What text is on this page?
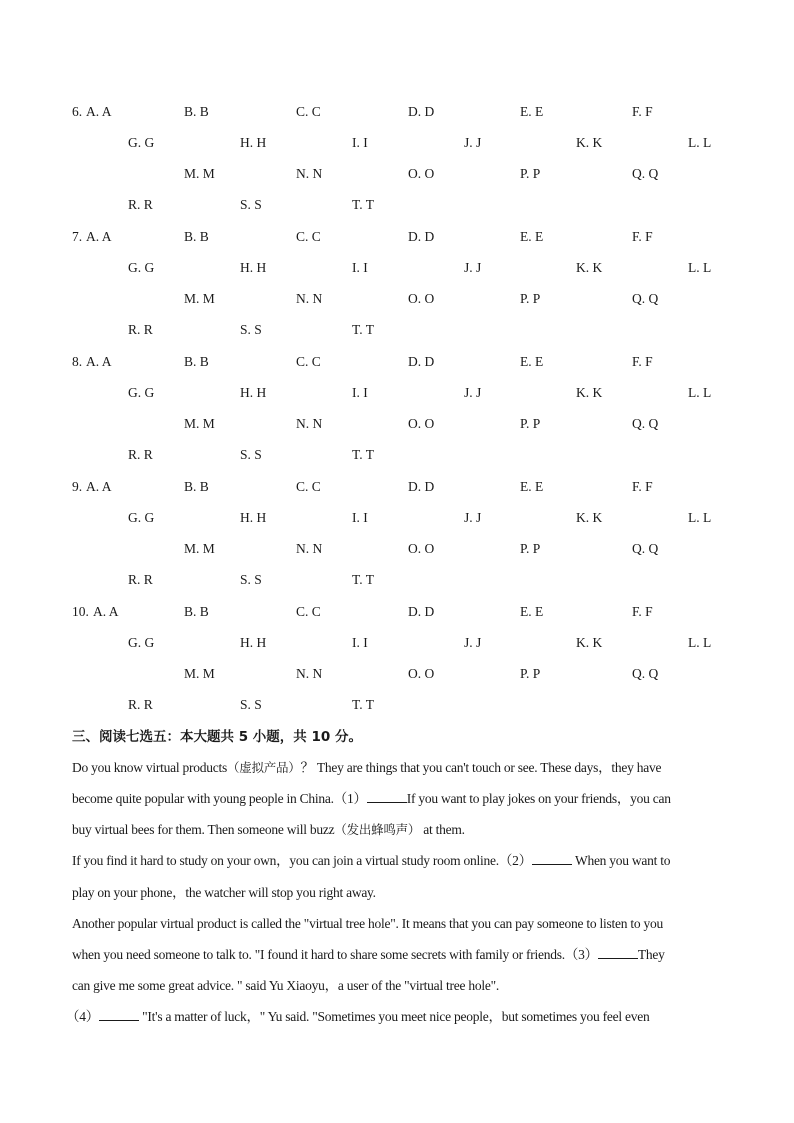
6. A. A	B. B	C. C	D. D	E. E	F. F
G. G	H. H	I. I	J. J	K. K	L. L
M. M	N. N	O. O	P. P	Q. Q
R. R	S. S	T. T
7. A. A	B. B	C. C	D. D	E. E	F. F
G. G	H. H	I. I	J. J	K. K	L. L
M. M	N. N	O. O	P. P	Q. Q
R. R	S. S	T. T
8. A. A	B. B	C. C	D. D	E. E	F. F
G. G	H. H	I. I	J. J	K. K	L. L
M. M	N. N	O. O	P. P	Q. Q
R. R	S. S	T. T
9. A. A	B. B	C. C	D. D	E. E	F. F
G. G	H. H	I. I	J. J	K. K	L. L
M. M	N. N	O. O	P. P	Q. Q
R. R	S. S	T. T
10. A. A	B. B	C. C	D. D	E. E	F. F
G. G	H. H	I. I	J. J	K. K	L. L
M. M	N. N	O. O	P. P	Q. Q
R. R	S. S	T. T
三、阅读七选五：本大题共 5 小题，共 10 分。
Do you know virtual products（虚拟产品）？ They are things that you can't touch or see. These days，they have
become quite popular with young people in China.（1）	If you want to play jokes on your friends，you can
buy virtual bees for them. Then someone will buzz（发出蜂鸣声） at them.
If you find it hard to study on your own，you can join a virtual study room online.（2）	When you want to
play on your phone，the watcher will stop you right away.
Another popular virtual product is called the "virtual tree hole". It means that you can pay someone to listen to you
when you need someone to talk to. "I found it hard to share some secrets with family or friends.（3）	They
can give me some great advice. " said Yu Xiaoyu，a user of the "virtual tree hole".
（4）	"It's a matter of luck，" Yu said. "Sometimes you meet nice people，but sometimes you feel even
